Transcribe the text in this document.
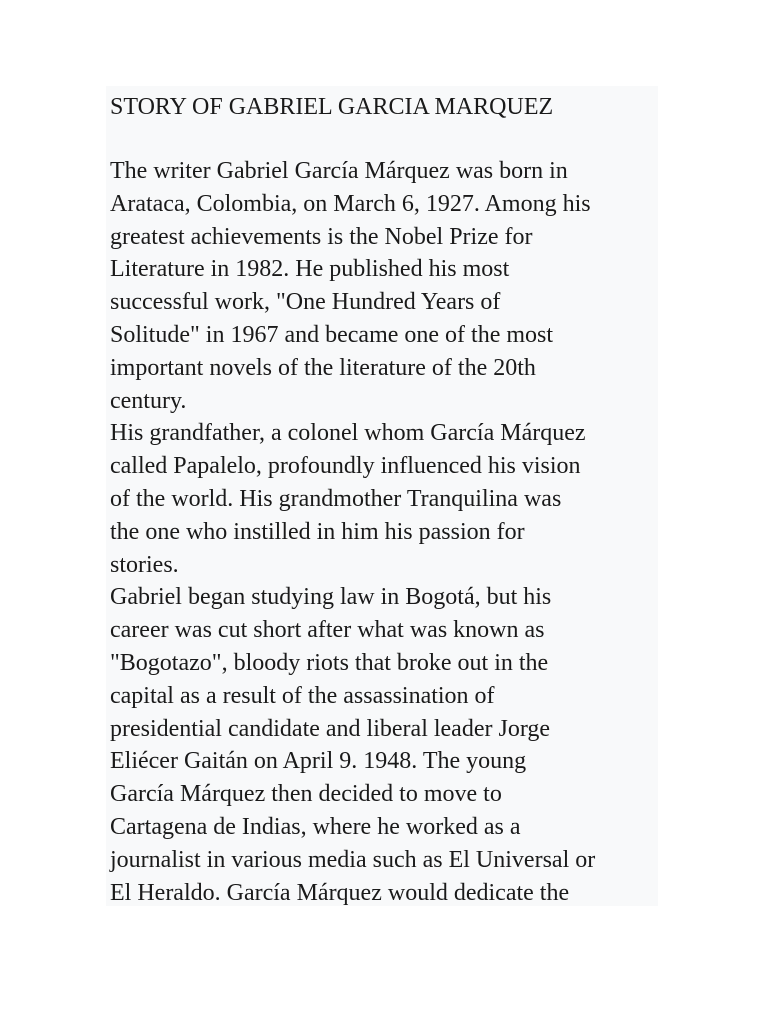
STORY OF GABRIEL GARCIA MARQUEZ
The writer Gabriel García Márquez was born in
Arataca, Colombia, on March 6, 1927. Among his
greatest achievements is the Nobel Prize for
Literature in 1982. He published his most
successful work, "One Hundred Years of
Solitude" in 1967 and became one of the most
important novels of the literature of the 20th
century.
His grandfather, a colonel whom García Márquez
called Papalelo, profoundly influenced his vision
of the world. His grandmother Tranquilina was
the one who instilled in him his passion for
stories.
Gabriel began studying law in Bogotá, but his
career was cut short after what was known as
"Bogotazo", bloody riots that broke out in the
capital as a result of the assassination of
presidential candidate and liberal leader Jorge
Eliécer Gaitán on April 9. 1948. The young
García Márquez then decided to move to
Cartagena de Indias, where he worked as a
journalist in various media such as El Universal or
El Heraldo. García Márquez would dedicate the
